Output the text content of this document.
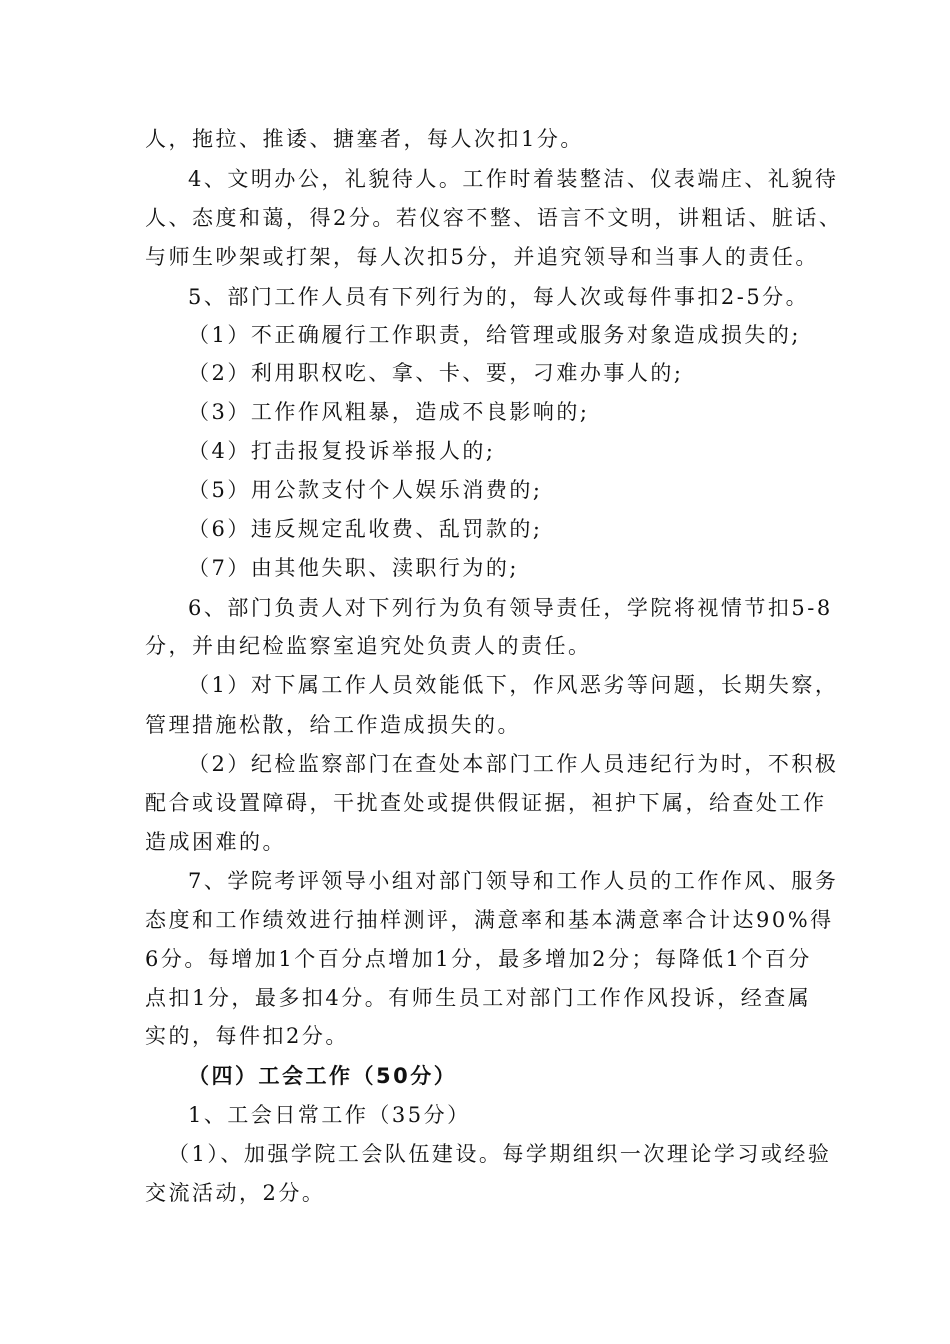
人，拖拉、推诿、搪塞者，每人次扣1分。
4、文明办公，礼貌待人。工作时着装整洁、仪表端庄、礼貌待
人、态度和蔼，得2分。若仪容不整、语言不文明，讲粗话、脏话、
与师生吵架或打架，每人次扣5分，并追究领导和当事人的责任。
5、部门工作人员有下列行为的，每人次或每件事扣2-5分。
（1）不正确履行工作职责，给管理或服务对象造成损失的;
（2）利用职权吃、拿、卡、要，刁难办事人的;
（3）工作作风粗暴，造成不良影响的;
（4）打击报复投诉举报人的;
（5）用公款支付个人娱乐消费的;
（6）违反规定乱收费、乱罚款的;
（7）由其他失职、渎职行为的;
6、部门负责人对下列行为负有领导责任，学院将视情节扣5-8
分，并由纪检监察室追究处负责人的责任。
（1）对下属工作人员效能低下，作风恶劣等问题，长期失察，
管理措施松散，给工作造成损失的。
（2）纪检监察部门在查处本部门工作人员违纪行为时，不积极
配合或设置障碍，干扰查处或提供假证据，袒护下属，给查处工作
造成困难的。
7、学院考评领导小组对部门领导和工作人员的工作作风、服务
态度和工作绩效进行抽样测评，满意率和基本满意率合计达90%得
6分。每增加1个百分点增加1分，最多增加2分；每降低1个百分
点扣1分，最多扣4分。有师生员工对部门工作作风投诉，经查属
实的，每件扣2分。
（四）工会工作（50分）
1、工会日常工作（35分）
（1）、加强学院工会队伍建设。每学期组织一次理论学习或经验
交流活动，2分。
